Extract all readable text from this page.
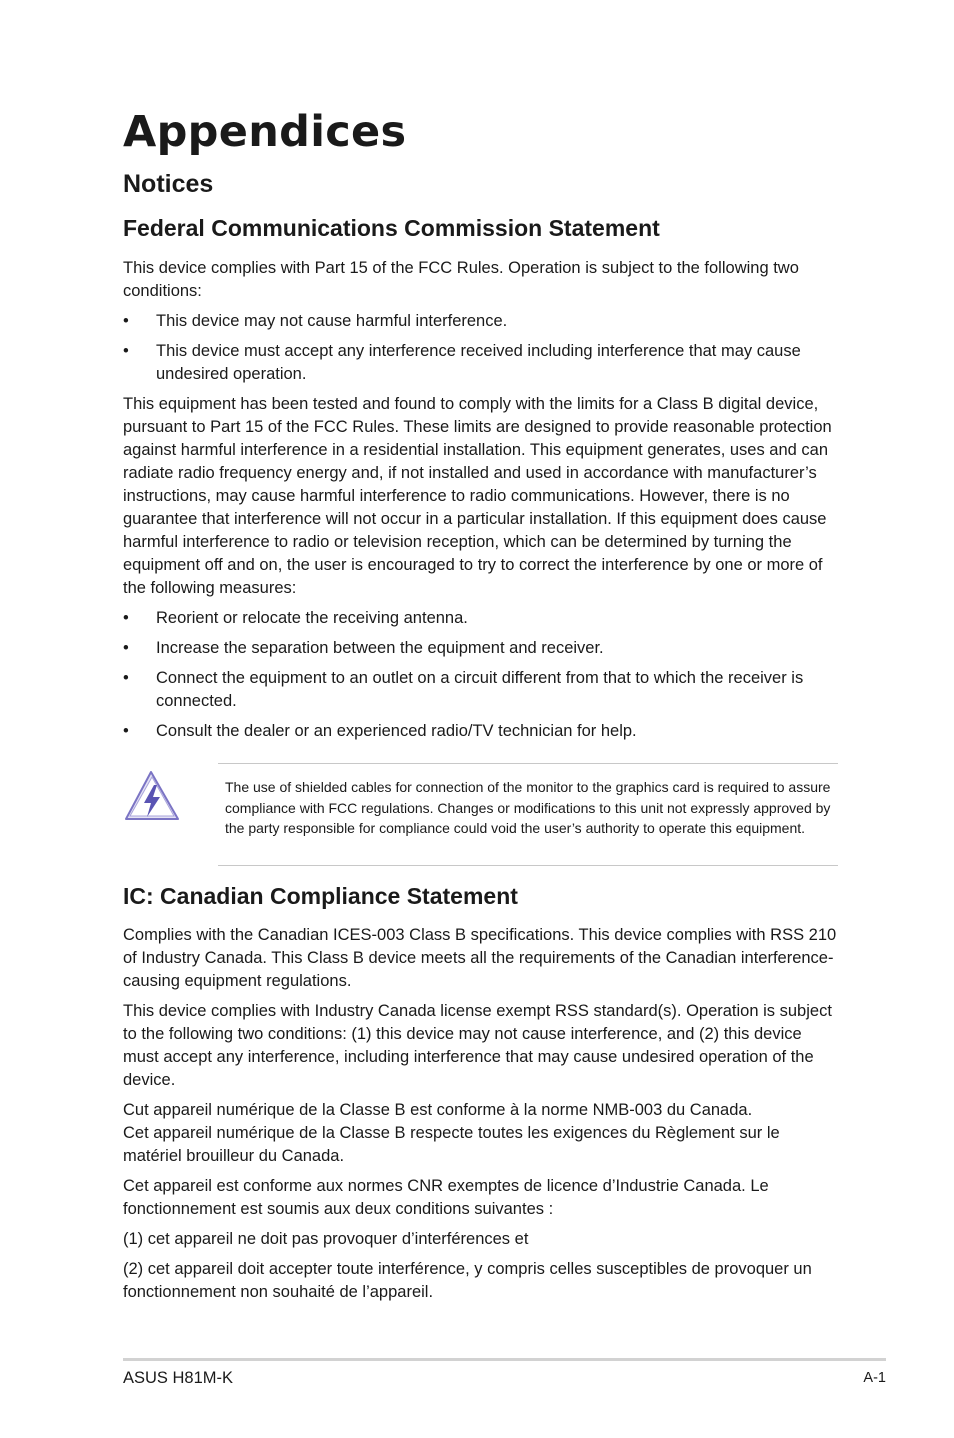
Appendices
Notices
Federal Communications Commission Statement

This device complies with Part 15 of the FCC Rules. Operation is subject to the following two conditions:

•	This device may not cause harmful interference.
•	This device must accept any interference received including interference that may cause undesired operation.

This equipment has been tested and found to comply with the limits for a Class B digital device, pursuant to Part 15 of the FCC Rules. These limits are designed to provide reasonable protection against harmful interference in a residential installation. This equipment generates, uses and can radiate radio frequency energy and, if not installed and used in accordance with manufacturer’s instructions, may cause harmful interference to radio communications. However, there is no guarantee that interference will not occur in a particular installation. If this equipment does cause harmful interference to radio or television reception, which can be determined by turning the equipment off and on, the user is encouraged to try to correct the interference by one or more of the following measures:

•	Reorient or relocate the receiving antenna.
•	Increase the separation between the equipment and receiver.
•	Connect the equipment to an outlet on a circuit different from that to which the receiver is connected.
•	Consult the dealer or an experienced radio/TV technician for help.

The use of shielded cables for connection of the monitor to the graphics card is required to assure compliance with FCC regulations. Changes or modifications to this unit not expressly approved by the party responsible for compliance could void the user’s authority to operate this equipment.

IC: Canadian Compliance Statement

Complies with the Canadian ICES-003 Class B specifications. This device complies with RSS 210 of Industry Canada. This Class B device meets all the requirements of the Canadian interference-causing equipment regulations.

This device complies with Industry Canada license exempt RSS standard(s). Operation is subject to the following two conditions: (1) this device may not cause interference, and (2) this device must accept any interference, including interference that may cause undesired operation of the device.

Cut appareil numérique de la Classe B est conforme à la norme NMB-003 du Canada.

Cet appareil numérique de la Classe B respecte toutes les exigences du Règlement sur le matériel brouilleur du Canada.

Cet appareil est conforme aux normes CNR exemptes de licence d’Industrie Canada. Le fonctionnement est soumis aux deux conditions suivantes :

(1) cet appareil ne doit pas provoquer d’interférences et

(2) cet appareil doit accepter toute interférence, y compris celles susceptibles de provoquer un fonctionnement non souhaité de l’appareil.

ASUS H81M-K	A-1
